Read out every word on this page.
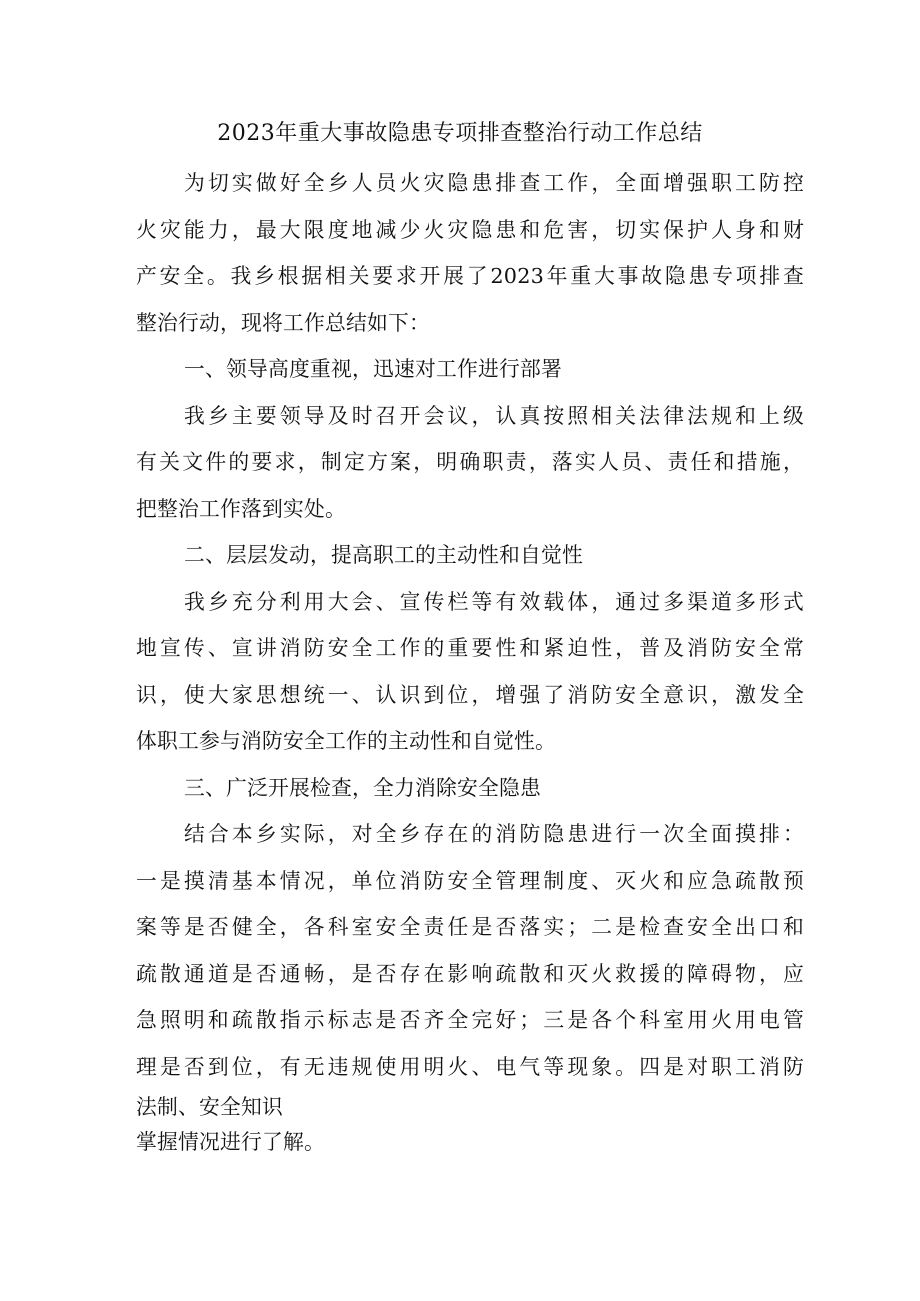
2023年重大事故隐患专项排查整治行动工作总结
为切实做好全乡人员火灾隐患排查工作，全面增强职工防控
火灾能力，最大限度地减少火灾隐患和危害，切实保护人身和财
产安全。我乡根据相关要求开展了2023年重大事故隐患专项排查
整治行动，现将工作总结如下：
一、领导高度重视，迅速对工作进行部署
我乡主要领导及时召开会议，认真按照相关法律法规和上级
有关文件的要求，制定方案，明确职责，落实人员、责任和措施，
把整治工作落到实处。
二、层层发动，提高职工的主动性和自觉性
我乡充分利用大会、宣传栏等有效载体，通过多渠道多形式
地宣传、宣讲消防安全工作的重要性和紧迫性，普及消防安全常
识，使大家思想统一、认识到位，增强了消防安全意识，激发全
体职工参与消防安全工作的主动性和自觉性。
三、广泛开展检查，全力消除安全隐患
结合本乡实际，对全乡存在的消防隐患进行一次全面摸排：
一是摸清基本情况，单位消防安全管理制度、灭火和应急疏散预
案等是否健全，各科室安全责任是否落实；二是检查安全出口和
疏散通道是否通畅，是否存在影响疏散和灭火救援的障碍物，应
急照明和疏散指示标志是否齐全完好；三是各个科室用火用电管
理是否到位，有无违规使用明火、电气等现象。四是对职工消防
法制、安全知识
掌握情况进行了解。
